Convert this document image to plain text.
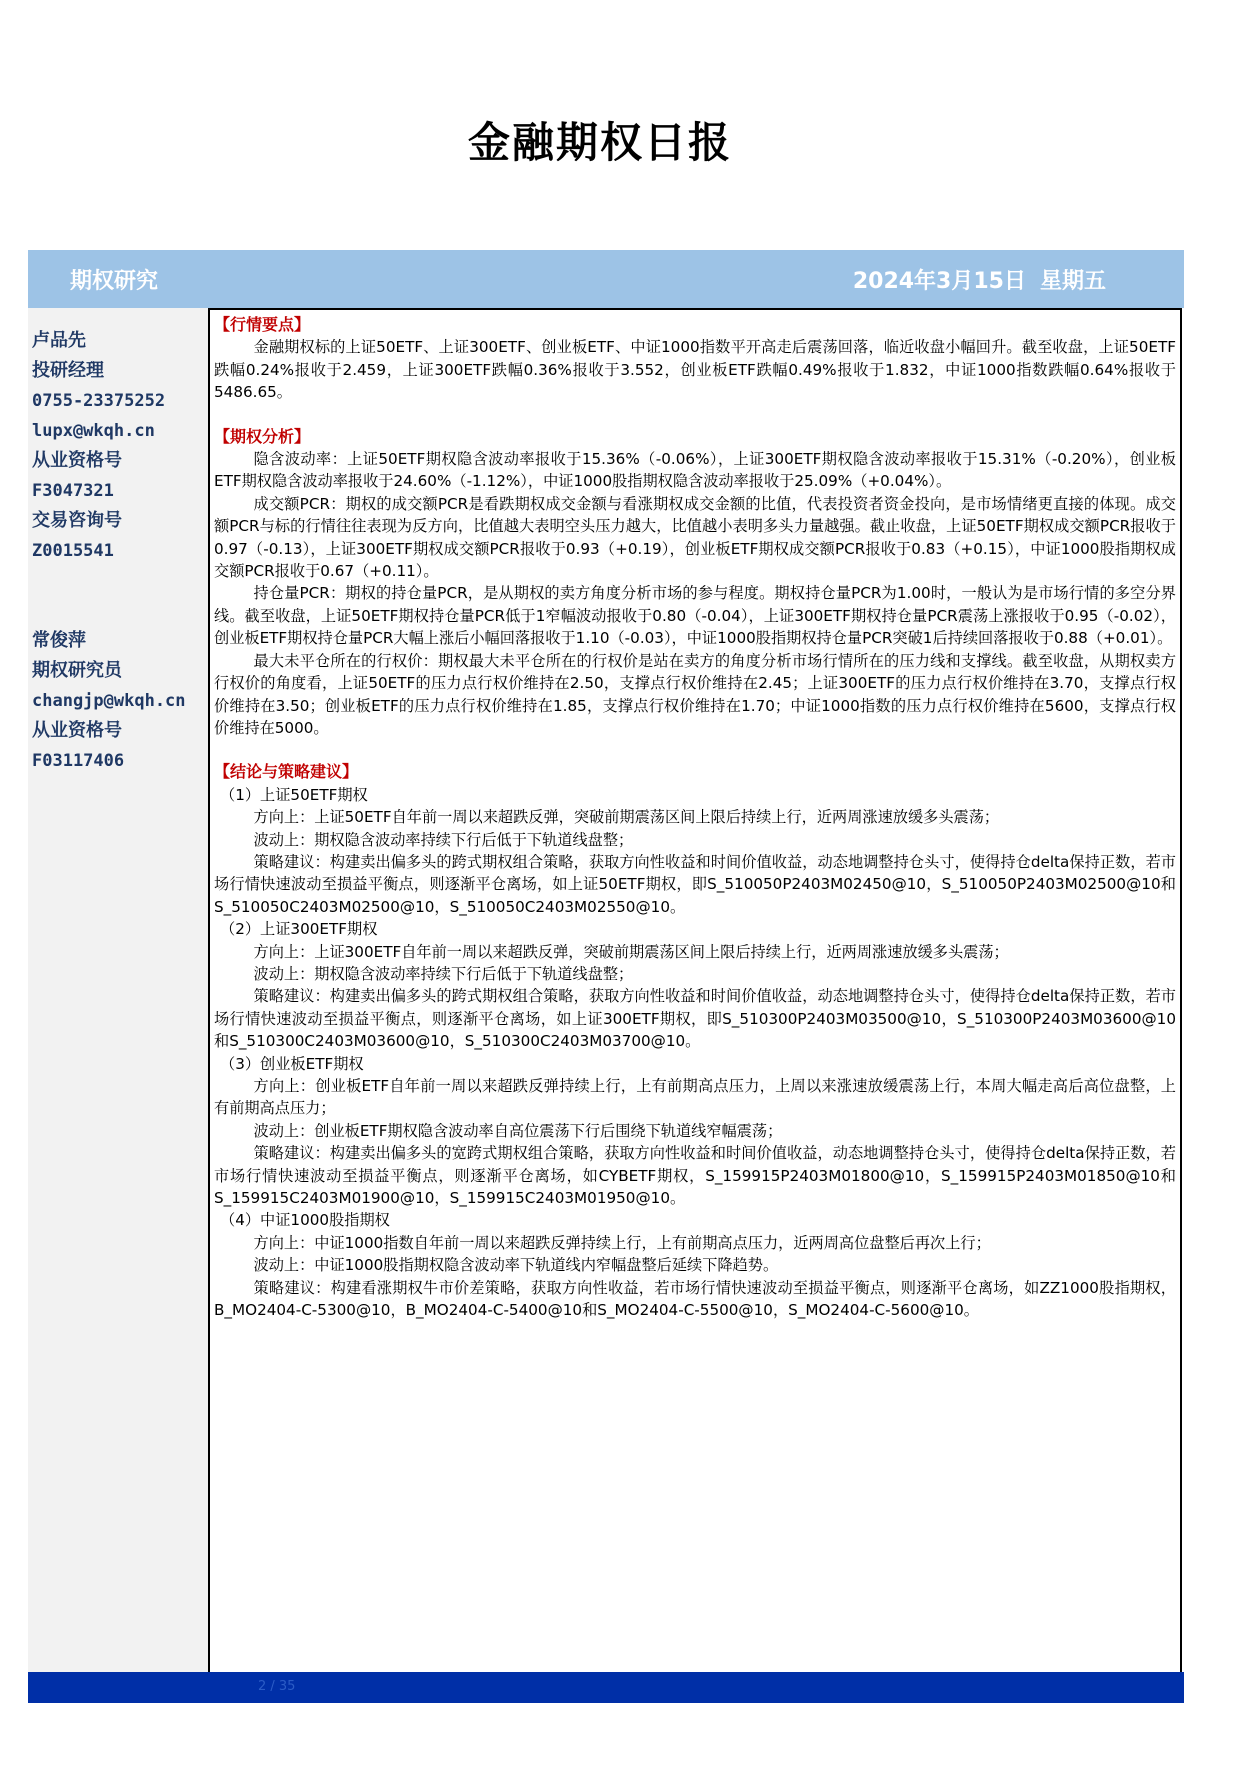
金融期权日报
期权研究	2024年3月15日 星期五
卢品先
投研经理
0755-23375252
lupx@wkqh.cn
从业资格号
F3047321
交易咨询号
Z0015541
常俊萍
期权研究员
changjp@wkqh.cn
从业资格号
F03117406
【行情要点】
金融期权标的上证50ETF、上证300ETF、创业板ETF、中证1000指数平开高走后震荡回落，临近收盘小幅回升。截至收盘，上证50ETF跌幅0.24%报收于2.459，上证300ETF跌幅0.36%报收于3.552，创业板ETF跌幅0.49%报收于1.832，中证1000指数跌幅0.64%报收于5486.65。
【期权分析】
隐含波动率：上证50ETF期权隐含波动率报收于15.36%（-0.06%），上证300ETF期权隐含波动率报收于15.31%（-0.20%），创业板ETF期权隐含波动率报收于24.60%（-1.12%），中证1000股指期权隐含波动率报收于25.09%（+0.04%）。
成交额PCR：期权的成交额PCR是看跌期权成交金额与看涨期权成交金额的比值，代表投资者资金投向，是市场情绪更直接的体现。成交额PCR与标的行情往往表现为反方向，比值越大表明空头压力越大，比值越小表明多头力量越强。截止收盘，上证50ETF期权成交额PCR报收于0.97（-0.13），上证300ETF期权成交额PCR报收于0.93（+0.19），创业板ETF期权成交额PCR报收于0.83（+0.15），中证1000股指期权成交额PCR报收于0.67（+0.11）。
持仓量PCR：期权的持仓量PCR，是从期权的卖方角度分析市场的参与程度。期权持仓量PCR为1.00时，一般认为是市场行情的多空分界线。截至收盘，上证50ETF期权持仓量PCR低于1窄幅波动报收于0.80（-0.04），上证300ETF期权持仓量PCR震荡上涨报收于0.95（-0.02），创业板ETF期权持仓量PCR大幅上涨后小幅回落报收于1.10（-0.03），中证1000股指期权持仓量PCR突破1后持续回落报收于0.88（+0.01）。
最大未平仓所在的行权价：期权最大未平仓所在的行权价是站在卖方的角度分析市场行情所在的压力线和支撑线。截至收盘，从期权卖方行权价的角度看，上证50ETF的压力点行权价维持在2.50，支撑点行权价维持在2.45；上证300ETF的压力点行权价维持在3.70，支撑点行权价维持在3.50；创业板ETF的压力点行权价维持在1.85，支撑点行权价维持在1.70；中证1000指数的压力点行权价维持在5600，支撑点行权价维持在5000。
【结论与策略建议】
（1）上证50ETF期权
方向上：上证50ETF自年前一周以来超跌反弹，突破前期震荡区间上限后持续上行，近两周涨速放缓多头震荡；
波动上：期权隐含波动率持续下行后低于下轨道线盘整；
策略建议：构建卖出偏多头的跨式期权组合策略，获取方向性收益和时间价值收益，动态地调整持仓头寸，使得持仓delta保持正数，若市场行情快速波动至损益平衡点，则逐渐平仓离场，如上证50ETF期权，即S_510050P2403M02450@10，S_510050P2403M02500@10和S_510050C2403M02500@10，S_510050C2403M02550@10。
（2）上证300ETF期权
方向上：上证300ETF自年前一周以来超跌反弹，突破前期震荡区间上限后持续上行，近两周涨速放缓多头震荡；
波动上：期权隐含波动率持续下行后低于下轨道线盘整；
策略建议：构建卖出偏多头的跨式期权组合策略，获取方向性收益和时间价值收益，动态地调整持仓头寸，使得持仓delta保持正数，若市场行情快速波动至损益平衡点，则逐渐平仓离场，如上证300ETF期权，即S_510300P2403M03500@10，S_510300P2403M03600@10和S_510300C2403M03600@10，S_510300C2403M03700@10。
（3）创业板ETF期权
方向上：创业板ETF自年前一周以来超跌反弹持续上行，上有前期高点压力，上周以来涨速放缓震荡上行，本周大幅走高后高位盘整，上有前期高点压力；
波动上：创业板ETF期权隐含波动率自高位震荡下行后围绕下轨道线窄幅震荡；
策略建议：构建卖出偏多头的宽跨式期权组合策略，获取方向性收益和时间价值收益，动态地调整持仓头寸，使得持仓delta保持正数，若市场行情快速波动至损益平衡点，则逐渐平仓离场，如CYBETF期权，S_159915P2403M01800@10，S_159915P2403M01850@10和S_159915C2403M01900@10，S_159915C2403M01950@10。
（4）中证1000股指期权
方向上：中证1000指数自年前一周以来超跌反弹持续上行，上有前期高点压力，近两周高位盘整后再次上行；
波动上：中证1000股指期权隐含波动率下轨道线内窄幅盘整后延续下降趋势。
策略建议：构建看涨期权牛市价差策略，获取方向性收益，若市场行情快速波动至损益平衡点，则逐渐平仓离场，如ZZ1000股指期权，B_MO2404-C-5300@10，B_MO2404-C-5400@10和S_MO2404-C-5500@10，S_MO2404-C-5600@10。
2 / 35
